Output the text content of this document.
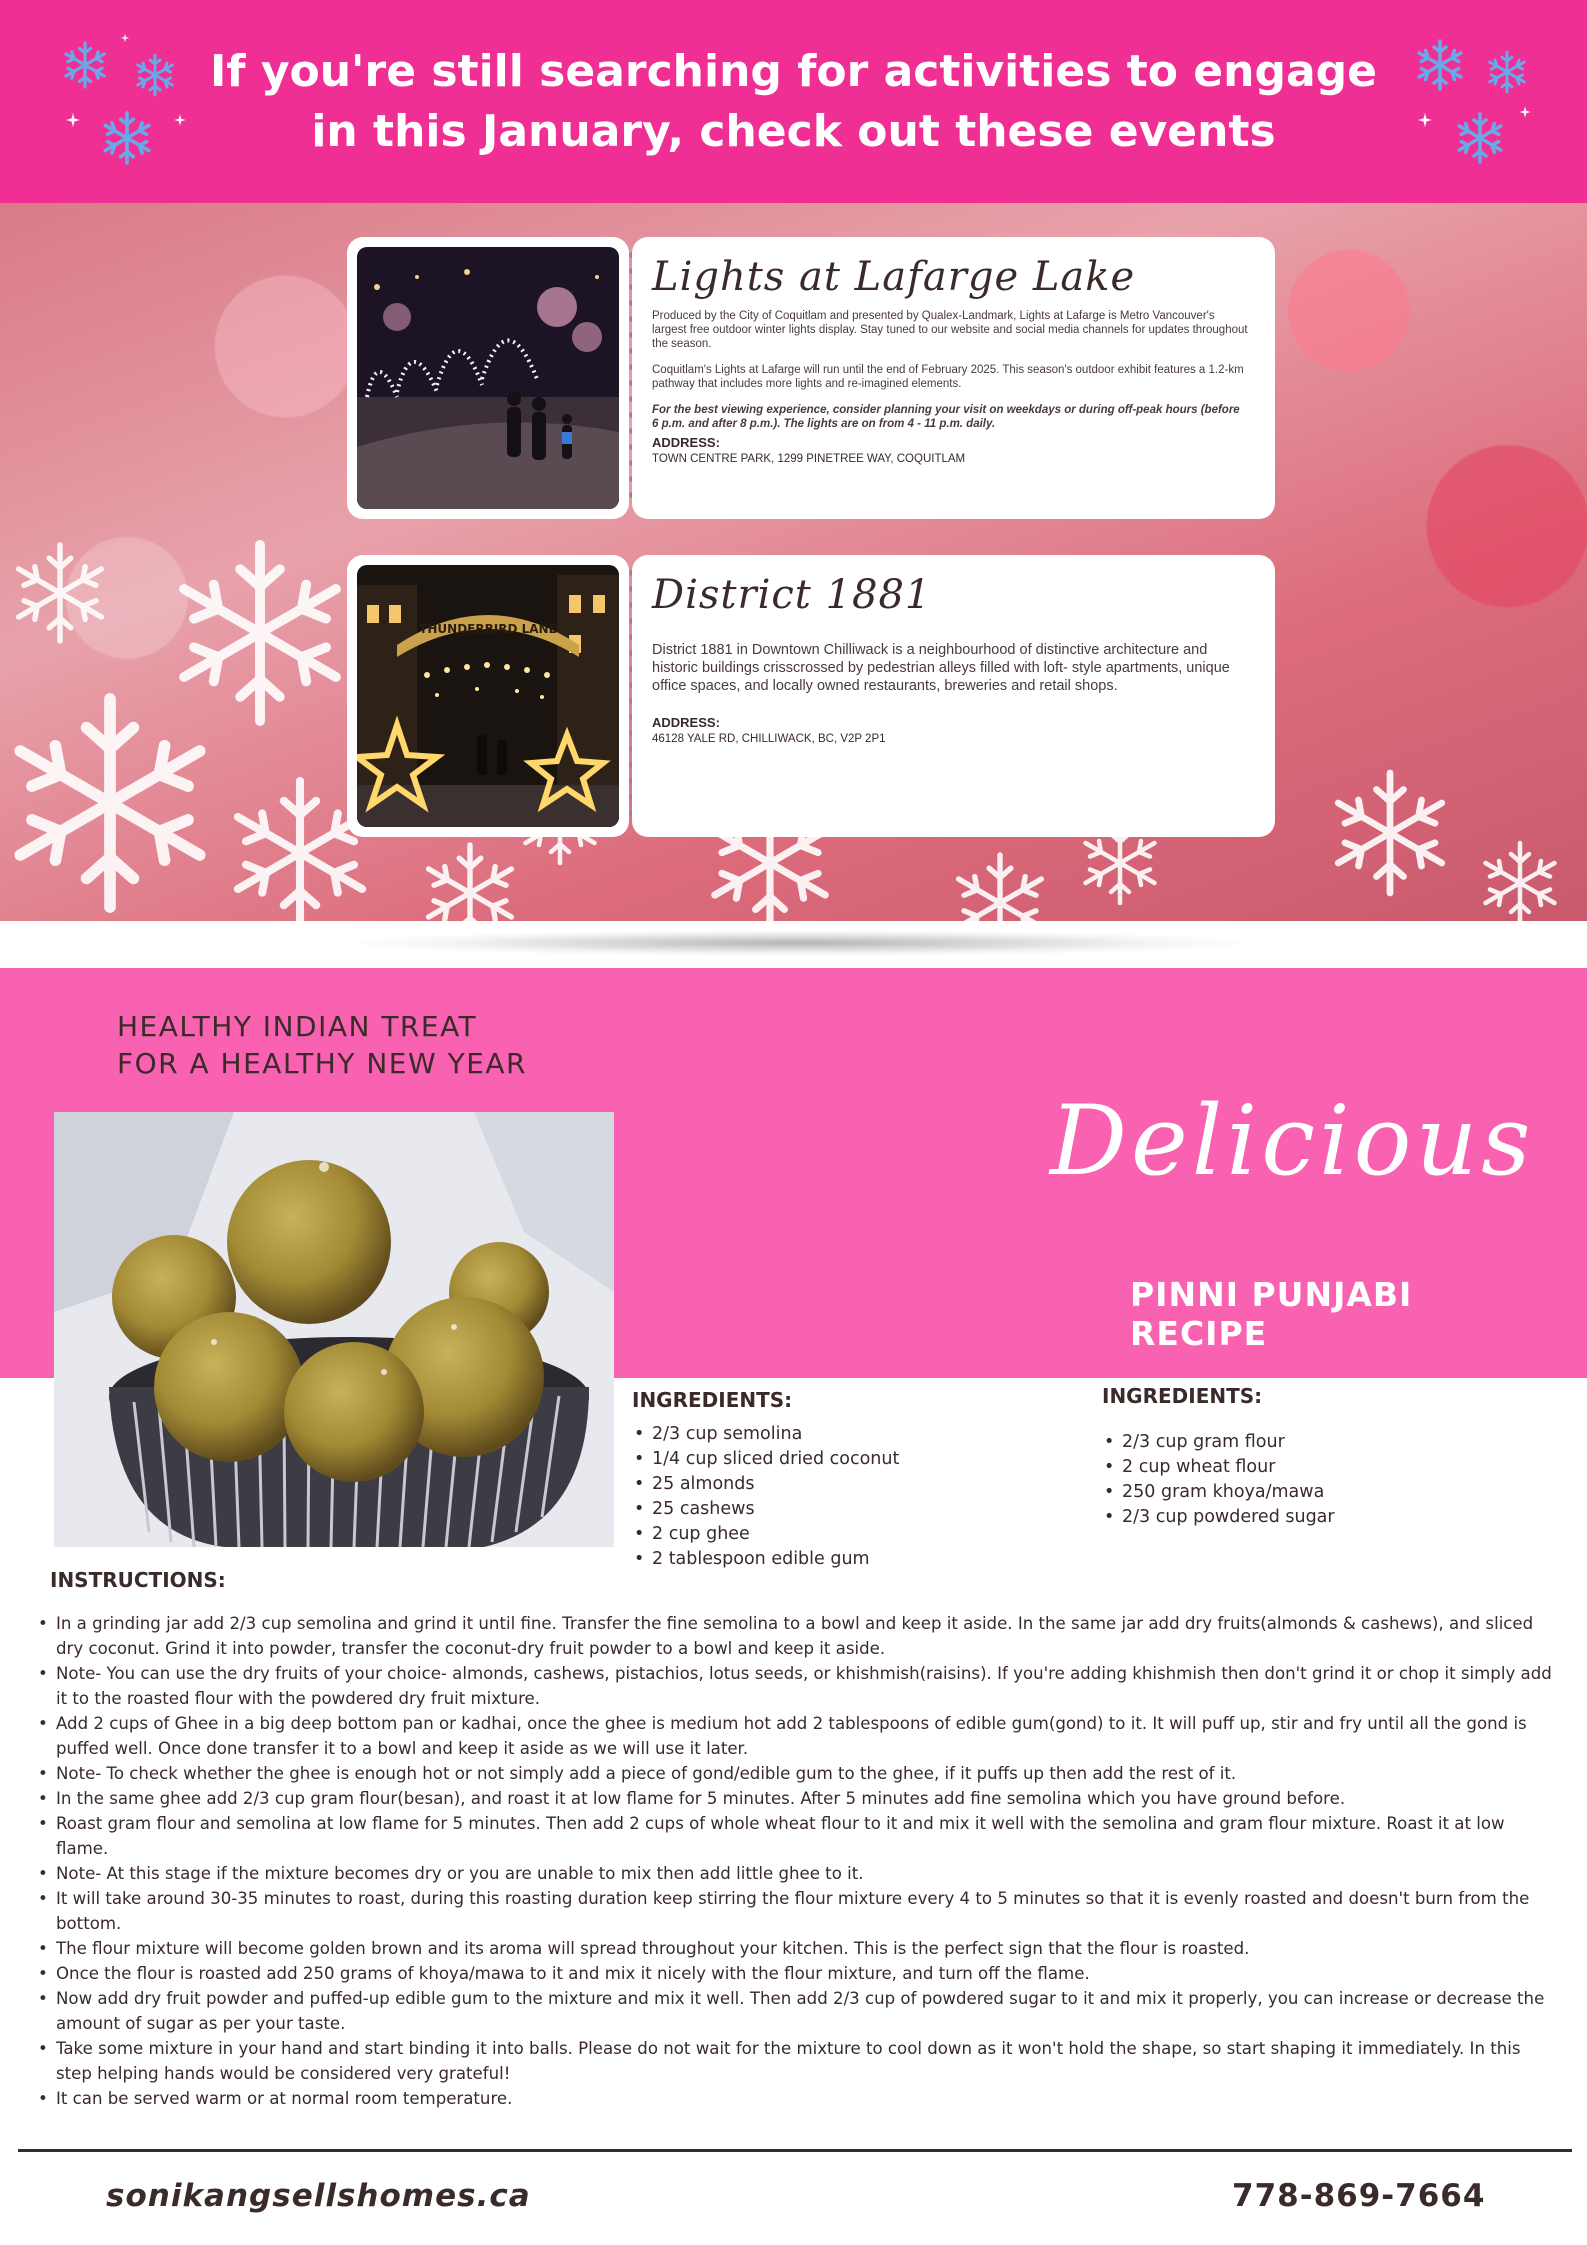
If you're still searching for activities to engage
in this January, check out these events
Lights at Lafarge Lake
Produced by the City of Coquitlam and presented by Qualex-Landmark, Lights at Lafarge is Metro Vancouver's largest free outdoor winter lights display. Stay tuned to our website and social media channels for updates throughout the season.
Coquitlam's Lights at Lafarge will run until the end of February 2025. This season's outdoor exhibit features a 1.2-km pathway that includes more lights and re-imagined elements.
For the best viewing experience, consider planning your visit on weekdays or during off-peak hours (before 6 p.m. and after 8 p.m.). The lights are on from 4 - 11 p.m. daily.
ADDRESS:
TOWN CENTRE PARK, 1299 PINETREE WAY, COQUITLAM
THUNDERBIRD LANE
District 1881
District 1881 in Downtown Chilliwack is a neighbourhood of distinctive architecture and historic buildings crisscrossed by pedestrian alleys filled with loft- style apartments, unique office spaces, and locally owned restaurants, breweries and retail shops.
ADDRESS:
46128 YALE RD, CHILLIWACK, BC, V2P 2P1
HEALTHY INDIAN TREAT
FOR A HEALTHY NEW YEAR
Delicious
PINNI PUNJABI RECIPE
INGREDIENTS:
• 2/3 cup semolina
• 1/4 cup sliced dried coconut
• 25 almonds
• 25 cashews
• 2 cup ghee
• 2 tablespoon edible gum
INGREDIENTS:
• 2/3 cup gram flour
• 2 cup wheat flour
• 250 gram khoya/mawa
• 2/3 cup powdered sugar
INSTRUCTIONS:
• In a grinding jar add 2/3 cup semolina and grind it until fine. Transfer the fine semolina to a bowl and keep it aside. In the same jar add dry fruits(almonds & cashews), and sliced dry coconut. Grind it into powder, transfer the coconut-dry fruit powder to a bowl and keep it aside.
• Note- You can use the dry fruits of your choice- almonds, cashews, pistachios, lotus seeds, or khishmish(raisins). If you're adding khishmish then don't grind it or chop it simply add it to the roasted flour with the powdered dry fruit mixture.
• Add 2 cups of Ghee in a big deep bottom pan or kadhai, once the ghee is medium hot add 2 tablespoons of edible gum(gond) to it. It will puff up, stir and fry until all the gond is puffed well. Once done transfer it to a bowl and keep it aside as we will use it later.
• Note- To check whether the ghee is enough hot or not simply add a piece of gond/edible gum to the ghee, if it puffs up then add the rest of it.
• In the same ghee add 2/3 cup gram flour(besan), and roast it at low flame for 5 minutes. After 5 minutes add fine semolina which you have ground before.
• Roast gram flour and semolina at low flame for 5 minutes. Then add 2 cups of whole wheat flour to it and mix it well with the semolina and gram flour mixture. Roast it at low flame.
• Note- At this stage if the mixture becomes dry or you are unable to mix then add little ghee to it.
• It will take around 30-35 minutes to roast, during this roasting duration keep stirring the flour mixture every 4 to 5 minutes so that it is evenly roasted and doesn't burn from the bottom.
• The flour mixture will become golden brown and its aroma will spread throughout your kitchen. This is the perfect sign that the flour is roasted.
• Once the flour is roasted add 250 grams of khoya/mawa to it and mix it nicely with the flour mixture, and turn off the flame.
• Now add dry fruit powder and puffed-up edible gum to the mixture and mix it well. Then add 2/3 cup of powdered sugar to it and mix it properly, you can increase or decrease the amount of sugar as per your taste.
• Take some mixture in your hand and start binding it into balls. Please do not wait for the mixture to cool down as it won't hold the shape, so start shaping it immediately. In this step helping hands would be considered very grateful!
• It can be served warm or at normal room temperature.
sonikangsellshomes.ca	778-869-7664
